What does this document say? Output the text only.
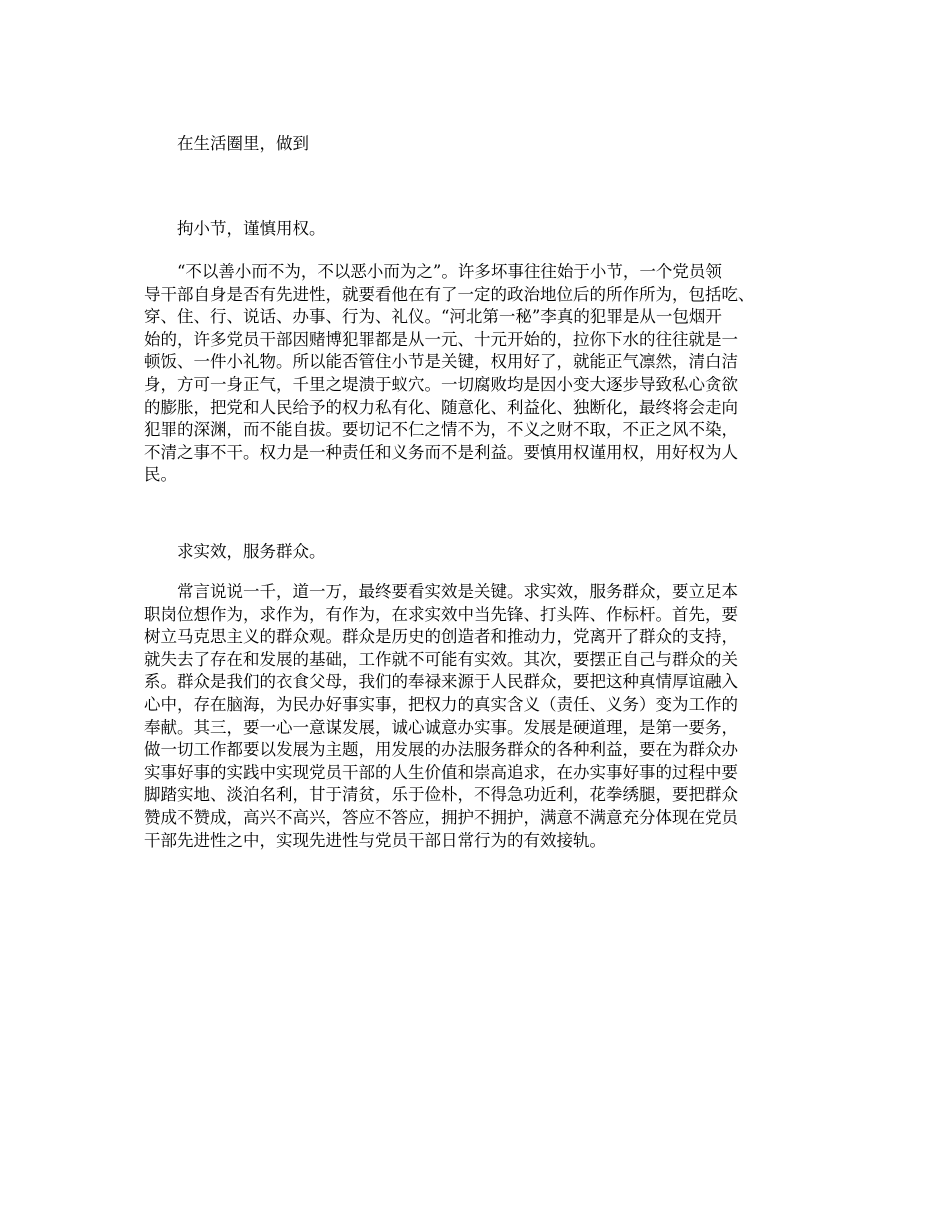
在生活圈里，做到

拘小节，谨慎用权。

“不以善小而不为，不以恶小而为之”。许多坏事往往始于小节，一个党员领
导干部自身是否有先进性，就要看他在有了一定的政治地位后的所作所为，包括吃、
穿、住、行、说话、办事、行为、礼仪。“河北第一秘”李真的犯罪是从一包烟开
始的，许多党员干部因赌博犯罪都是从一元、十元开始的，拉你下水的往往就是一
顿饭、一件小礼物。所以能否管住小节是关键，权用好了，就能正气凛然，清白洁
身，方可一身正气，千里之堤溃于蚁穴。一切腐败均是因小变大逐步导致私心贪欲
的膨胀，把党和人民给予的权力私有化、随意化、利益化、独断化，最终将会走向
犯罪的深渊，而不能自拔。要切记不仁之情不为，不义之财不取，不正之风不染，
不清之事不干。权力是一种责任和义务而不是利益。要慎用权谨用权，用好权为人
民。

求实效，服务群众。

常言说说一千，道一万，最终要看实效是关键。求实效，服务群众，要立足本
职岗位想作为，求作为，有作为，在求实效中当先锋、打头阵、作标杆。首先，要
树立马克思主义的群众观。群众是历史的创造者和推动力，党离开了群众的支持，
就失去了存在和发展的基础，工作就不可能有实效。其次，要摆正自己与群众的关
系。群众是我们的衣食父母，我们的奉禄来源于人民群众，要把这种真情厚谊融入
心中，存在脑海，为民办好事实事，把权力的真实含义（责任、义务）变为工作的
奉献。其三，要一心一意谋发展，诚心诚意办实事。发展是硬道理，是第一要务，
做一切工作都要以发展为主题，用发展的办法服务群众的各种利益，要在为群众办
实事好事的实践中实现党员干部的人生价值和崇高追求，在办实事好事的过程中要
脚踏实地、淡泊名利，甘于清贫，乐于俭朴，不得急功近利，花拳绣腿，要把群众
赞成不赞成，高兴不高兴，答应不答应，拥护不拥护，满意不满意充分体现在党员
干部先进性之中，实现先进性与党员干部日常行为的有效接轨。
